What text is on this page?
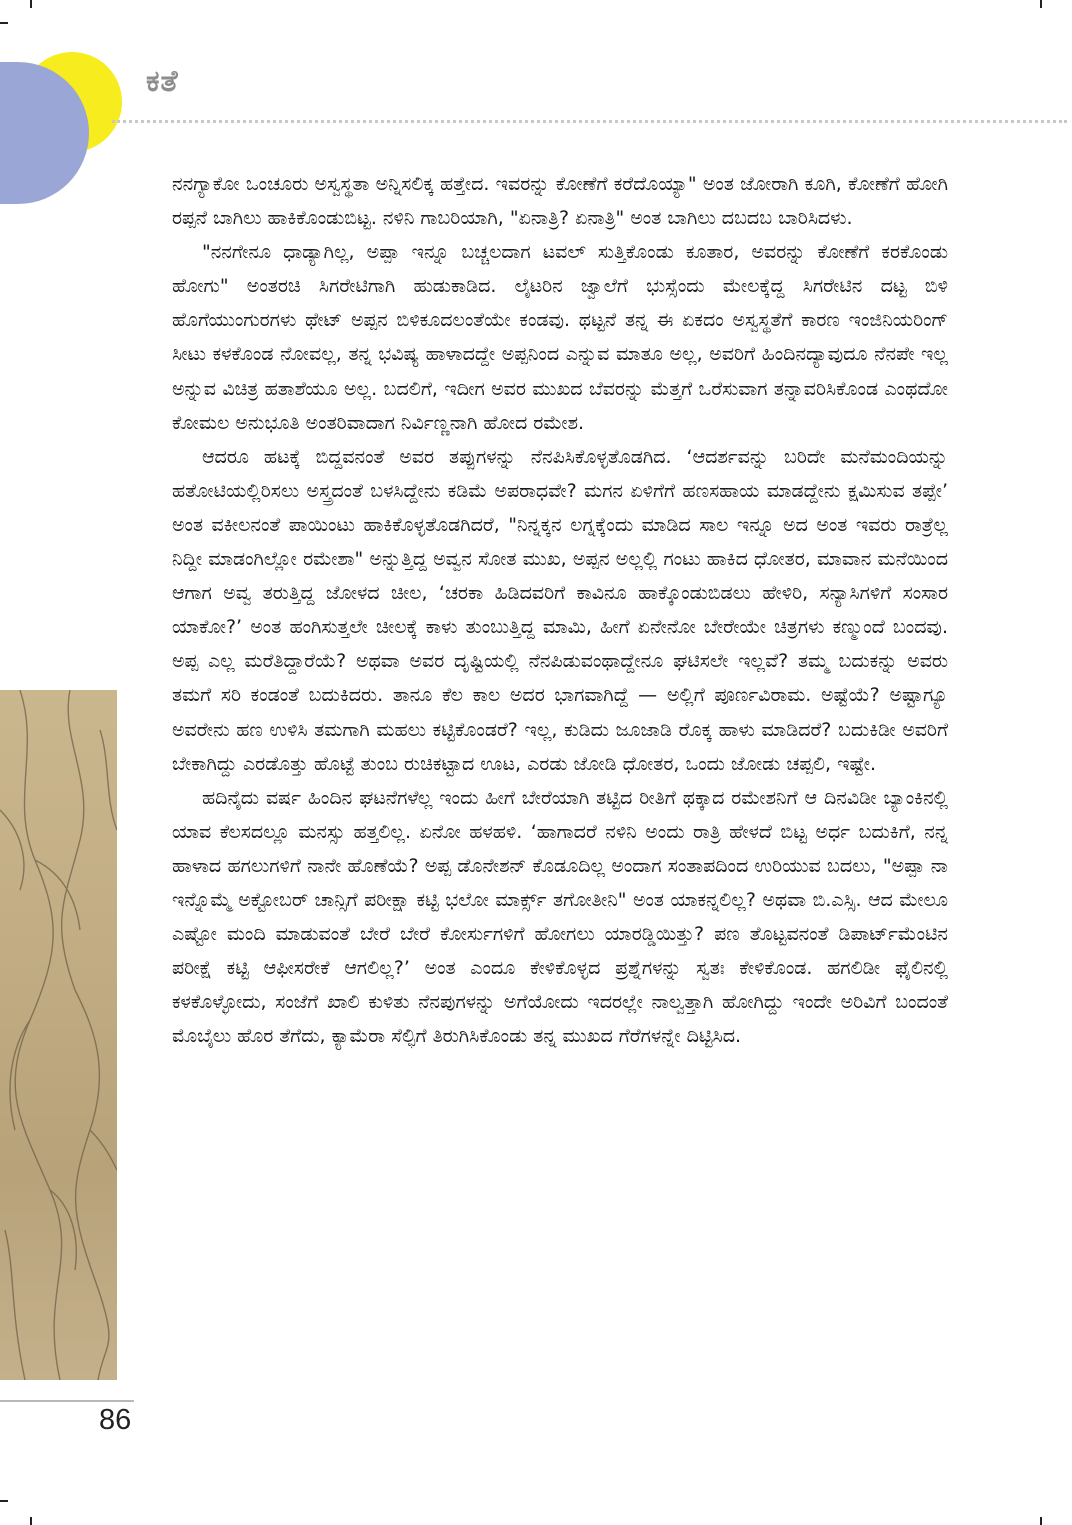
ಕತೆ
86

ನನಗ್ಯಾಕೋ ಒಂಚೂರು ಅಸ್ವಸ್ಥತಾ ಅನ್ನಿಸಲಿಕ್ಕ ಹತ್ತೇದ. ಇವರನ್ನು ಕೋಣೆಗೆ ಕರೆದೊಯ್ಯಾ" ಅಂತ ಜೋರಾಗಿ ಕೂಗಿ, ಕೋಣೆಗೆ ಹೋಗಿ ರಪ್ಪನೆ ಬಾಗಿಲು ಹಾಕಿಕೊಂಡುಬಿಟ್ಟ. ನಳಿನಿ ಗಾಬರಿಯಾಗಿ, "ಏನಾತ್ರಿ? ಏನಾತ್ರಿ" ಅಂತ ಬಾಗಿಲು ದಬದಬ ಬಾರಿಸಿದಳು.

"ನನಗೇನೂ ಧಾಡ್ಯಾಗಿಲ್ಲ, ಅಪ್ಪಾ ಇನ್ನೂ ಬಚ್ಚಲದಾಗ ಟವಲ್ ಸುತ್ತಿಕೊಂಡು ಕೂತಾರ, ಅವರನ್ನು ಕೋಣೆಗೆ ಕರಕೊಂಡು ಹೋಗು" ಅಂತರಚಿ ಸಿಗರೇಟಿಗಾಗಿ ಹುಡುಕಾಡಿದ. ಲೈಟರಿನ ಜ್ವಾಲೆಗೆ ಭುಸ್ಸೆಂದು ಮೇಲಕ್ಕೆದ್ದ ಸಿಗರೇಟಿನ ದಟ್ಟ ಬಿಳಿ ಹೊಗೆಯುಂಗುರಗಳು ಥೇಟ್ ಅಪ್ಪನ ಬಿಳಿಕೂದಲಂತೆಯೇ ಕಂಡವು. ಥಟ್ಟನೆ ತನ್ನ ಈ ಏಕದಂ ಅಸ್ವಸ್ಥತೆಗೆ ಕಾರಣ ಇಂಜಿನಿಯರಿಂಗ್ ಸೀಟು ಕಳಕೊಂಡ ನೋವಲ್ಲ, ತನ್ನ ಭವಿಷ್ಯ ಹಾಳಾದದ್ದೇ ಅಪ್ಪನಿಂದ ಎನ್ನುವ ಮಾತೂ ಅಲ್ಲ, ಅವರಿಗೆ ಹಿಂದಿನದ್ಯಾವುದೂ ನೆನಪೇ ಇಲ್ಲ ಅನ್ನುವ ವಿಚಿತ್ರ ಹತಾಶೆಯೂ ಅಲ್ಲ. ಬದಲಿಗೆ, ಇದೀಗ ಅವರ ಮುಖದ ಬೆವರನ್ನು ಮೆತ್ತಗೆ ಒರೆಸುವಾಗ ತನ್ನಾವರಿಸಿಕೊಂಡ ಎಂಥದೋ ಕೋಮಲ ಅನುಭೂತಿ ಅಂತರಿವಾದಾಗ ನಿರ್ವಿಣ್ಣನಾಗಿ ಹೋದ ರಮೇಶ.

ಆದರೂ ಹಟಕ್ಕೆ ಬಿದ್ದವನಂತೆ ಅವರ ತಪ್ಪುಗಳನ್ನು ನೆನಪಿಸಿಕೊಳ್ಳತೊಡಗಿದ. ‘ಆದರ್ಶವನ್ನು ಬರಿದೇ ಮನೆಮಂದಿಯನ್ನು ಹತೋಟಿಯಲ್ಲಿರಿಸಲು ಅಸ್ತ್ರದಂತೆ ಬಳಸಿದ್ದೇನು ಕಡಿಮೆ ಅಪರಾಧವೇ? ಮಗನ ಏಳಿಗೆಗೆ ಹಣಸಹಾಯ ಮಾಡದ್ದೇನು ಕ್ಷಮಿಸುವ ತಪ್ಪೇ’ ಅಂತ ವಕೀಲನಂತೆ ಪಾಯಿಂಟು ಹಾಕಿಕೊಳ್ಳತೊಡಗಿದರೆ, "ನಿನ್ನಕ್ಕನ ಲಗ್ನಕ್ಕೆಂದು ಮಾಡಿದ ಸಾಲ ಇನ್ನೂ ಅದ ಅಂತ ಇವರು ರಾತ್ರೆಲ್ಲ ನಿದ್ದೀ ಮಾಡಂಗಿಲ್ಲೋ ರಮೇಶಾ" ಅನ್ನುತ್ತಿದ್ದ ಅವ್ವನ ಸೋತ ಮುಖ, ಅಪ್ಪನ ಅಲ್ಲಲ್ಲಿ ಗಂಟು ಹಾಕಿದ ಧೋತರ, ಮಾವಾನ ಮನೆಯಿಂದ ಆಗಾಗ ಅವ್ವ ತರುತ್ತಿದ್ದ ಜೋಳದ ಚೀಲ, ‘ಚರಕಾ ಹಿಡಿದವರಿಗೆ ಕಾವಿನೂ ಹಾಕ್ಕೊಂಡುಬಿಡಲು ಹೇಳಿರಿ, ಸನ್ಯಾಸಿಗಳಿಗೆ ಸಂಸಾರ ಯಾಕೋ?’ ಅಂತ ಹಂಗಿಸುತ್ತಲೇ ಚೀಲಕ್ಕೆ ಕಾಳು ತುಂಬುತ್ತಿದ್ದ ಮಾಮಿ, ಹೀಗೆ ಏನೇನೋ ಬೇರೇಯೇ ಚಿತ್ರಗಳು ಕಣ್ಮುಂದೆ ಬಂದವು. ಅಪ್ಪ ಎಲ್ಲ ಮರೆತಿದ್ದಾರೆಯೆ? ಅಥವಾ ಅವರ ದೃಷ್ಟಿಯಲ್ಲಿ ನೆನಪಿಡುವಂಥಾದ್ದೇನೂ ಘಟಿಸಲೇ ಇಲ್ಲವೆ? ತಮ್ಮ ಬದುಕನ್ನು ಅವರು ತಮಗೆ ಸರಿ ಕಂಡಂತೆ ಬದುಕಿದರು. ತಾನೂ ಕೆಲ ಕಾಲ ಅದರ ಭಾಗವಾಗಿದ್ದೆ — ಅಲ್ಲಿಗೆ ಪೂರ್ಣವಿರಾಮ. ಅಷ್ಟೆಯೆ? ಅಷ್ಟಾಗ್ಯೂ ಅವರೇನು ಹಣ ಉಳಿಸಿ ತಮಗಾಗಿ ಮಹಲು ಕಟ್ಟಿಕೊಂಡರೆ? ಇಲ್ಲ, ಕುಡಿದು ಜೂಜಾಡಿ ರೊಕ್ಕ ಹಾಳು ಮಾಡಿದರೆ? ಬದುಕಿಡೀ ಅವರಿಗೆ ಬೇಕಾಗಿದ್ದು ಎರಡೊತ್ತು ಹೊಟ್ಟೆ ತುಂಬ ರುಚಿಕಟ್ಟಾದ ಊಟ, ಎರಡು ಜೋಡಿ ಧೋತರ, ಒಂದು ಜೋಡು ಚಪ್ಪಲಿ, ಇಷ್ಟೇ.

ಹದಿನೈದು ವರ್ಷ ಹಿಂದಿನ ಘಟನೆಗಳೆಲ್ಲ ಇಂದು ಹೀಗೆ ಬೇರೆಯಾಗಿ ತಟ್ಟಿದ ರೀತಿಗೆ ಥಕ್ಕಾದ ರಮೇಶನಿಗೆ ಆ ದಿನವಿಡೀ ಬ್ಯಾಂಕಿನಲ್ಲಿ ಯಾವ ಕೆಲಸದಲ್ಲೂ ಮನಸ್ಸು ಹತ್ತಲಿಲ್ಲ. ಏನೋ ಹಳಹಳಿ. ‘ಹಾಗಾದರೆ ನಳಿನಿ ಅಂದು ರಾತ್ರಿ ಹೇಳದೆ ಬಿಟ್ಟ ಅರ್ಧ ಬದುಕಿಗೆ, ನನ್ನ ಹಾಳಾದ ಹಗಲುಗಳಿಗೆ ನಾನೇ ಹೊಣೆಯೆ? ಅಪ್ಪ ಡೊನೇಶನ್ ಕೊಡೂದಿಲ್ಲ ಅಂದಾಗ ಸಂತಾಪದಿಂದ ಉರಿಯುವ ಬದಲು, "ಅಪ್ಪಾ ನಾ ಇನ್ನೊಮ್ಮೆ ಅಕ್ಟೋಬರ್ ಚಾನ್ಸಿಗೆ ಪರೀಕ್ಷಾ ಕಟ್ಟಿ ಭಲೋ ಮಾರ್ಕ್ಸ್ ತಗೋತೀನಿ" ಅಂತ ಯಾಕನ್ನಲಿಲ್ಲ? ಅಥವಾ ಬಿ.ಎಸ್ಸಿ. ಆದ ಮೇಲೂ ಎಷ್ಟೋ ಮಂದಿ ಮಾಡುವಂತೆ ಬೇರೆ ಬೇರೆ ಕೋರ್ಸುಗಳಿಗೆ ಹೋಗಲು ಯಾರಡ್ಡಿಯಿತ್ತು? ಪಣ ತೊಟ್ಟವನಂತೆ ಡಿಪಾರ್ಟ್‌ಮೆಂಟಿನ ಪರೀಕ್ಷೆ ಕಟ್ಟಿ ಆಫೀಸರೇಕೆ ಆಗಲಿಲ್ಲ?’ ಅಂತ ಎಂದೂ ಕೇಳಿಕೊಳ್ಳದ ಪ್ರಶ್ನೆಗಳನ್ನು ಸ್ವತಃ ಕೇಳಿಕೊಂಡ. ಹಗಲಿಡೀ ಫೈಲಿನಲ್ಲಿ ಕಳಕೊಳ್ಳೋದು, ಸಂಜೆಗೆ ಖಾಲಿ ಕುಳಿತು ನೆನಪುಗಳನ್ನು ಅಗೆಯೋದು ಇದರಲ್ಲೇ ನಾಲ್ವತ್ತಾಗಿ ಹೋಗಿದ್ದು ಇಂದೇ ಅರಿವಿಗೆ ಬಂದಂತೆ ಮೊಬೈಲು ಹೊರ ತೆಗೆದು, ಕ್ಯಾಮೆರಾ ಸೆಲ್ಫಿಗೆ ತಿರುಗಿಸಿಕೊಂಡು ತನ್ನ ಮುಖದ ಗೆರೆಗಳನ್ನೇ ದಿಟ್ಟಿಸಿದ.
